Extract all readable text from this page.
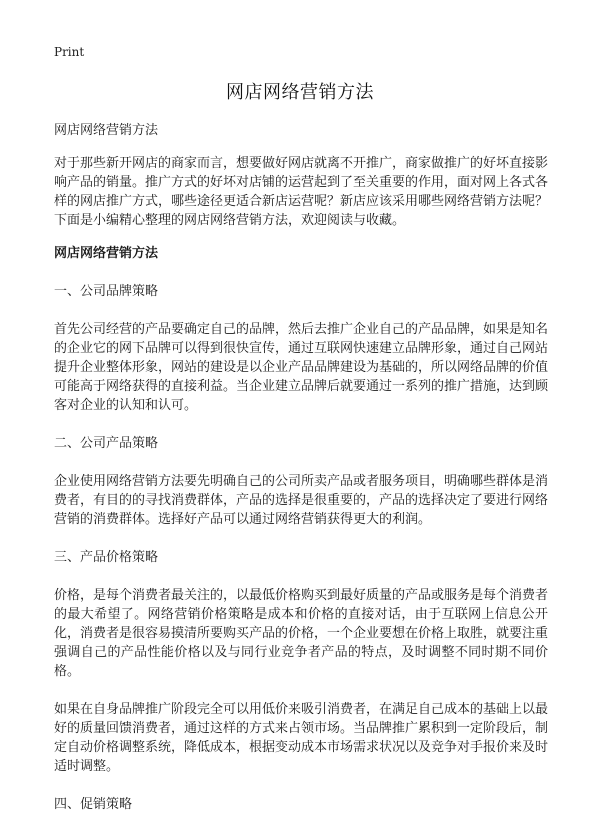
Print
网店网络营销方法

网店网络营销方法

对于那些新开网店的商家而言，想要做好网店就离不开推广，商家做推广的好坏直接影响产品的销量。推广方式的好坏对店铺的运营起到了至关重要的作用，面对网上各式各样的网店推广方式，哪些途径更适合新店运营呢？新店应该采用哪些网络营销方法呢？下面是小编精心整理的网店网络营销方法，欢迎阅读与收藏。

网店网络营销方法

一、公司品牌策略

首先公司经营的产品要确定自己的品牌，然后去推广企业自己的产品品牌，如果是知名的企业它的网下品牌可以得到很快宣传，通过互联网快速建立品牌形象，通过自己网站提升企业整体形象，网站的建设是以企业产品品牌建设为基础的，所以网络品牌的价值可能高于网络获得的直接利益。当企业建立品牌后就要通过一系列的推广措施，达到顾客对企业的认知和认可。

二、公司产品策略

企业使用网络营销方法要先明确自己的公司所卖产品或者服务项目，明确哪些群体是消费者，有目的的寻找消费群体，产品的选择是很重要的，产品的选择决定了要进行网络营销的消费群体。选择好产品可以通过网络营销获得更大的利润。

三、产品价格策略

价格，是每个消费者最关注的，以最低价格购买到最好质量的产品或服务是每个消费者的最大希望了。网络营销价格策略是成本和价格的直接对话，由于互联网上信息公开化，消费者是很容易摸清所要购买产品的价格，一个企业要想在价格上取胜，就要注重强调自己的产品性能价格以及与同行业竞争者产品的特点，及时调整不同时期不同价格。

如果在自身品牌推广阶段完全可以用低价来吸引消费者，在满足自己成本的基础上以最好的质量回馈消费者，通过这样的方式来占领市场。当品牌推广累积到一定阶段后，制定自动价格调整系统，降低成本，根据变动成本市场需求状况以及竞争对手报价来及时适时调整。

四、促销策略
